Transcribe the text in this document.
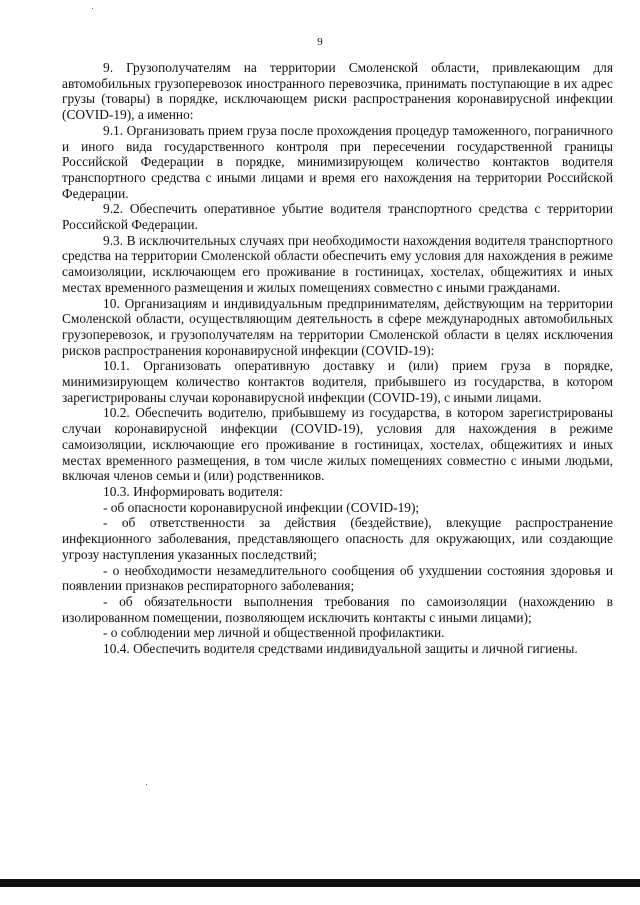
9

9. Грузополучателям на территории Смоленской области, привлекающим для автомобильных грузоперевозок иностранного перевозчика, принимать поступающие в их адрес грузы (товары) в порядке, исключающем риски распространения коронавирусной инфекции (COVID-19), а именно:

9.1. Организовать прием груза после прохождения процедур таможенного, пограничного и иного вида государственного контроля при пересечении государственной границы Российской Федерации в порядке, минимизирующем количество контактов водителя транспортного средства с иными лицами и время его нахождения на территории Российской Федерации.

9.2. Обеспечить оперативное убытие водителя транспортного средства с территории Российской Федерации.

9.3. В исключительных случаях при необходимости нахождения водителя транспортного средства на территории Смоленской области обеспечить ему условия для нахождения в режиме самоизоляции, исключающем его проживание в гостиницах, хостелах, общежитиях и иных местах временного размещения и жилых помещениях совместно с иными гражданами.

10. Организациям и индивидуальным предпринимателям, действующим на территории Смоленской области, осуществляющим деятельность в сфере международных автомобильных грузоперевозок, и грузополучателям на территории Смоленской области в целях исключения рисков распространения коронавирусной инфекции (COVID-19):

10.1. Организовать оперативную доставку и (или) прием груза в порядке, минимизирующем количество контактов водителя, прибывшего из государства, в котором зарегистрированы случаи коронавирусной инфекции (COVID-19), с иными лицами.

10.2. Обеспечить водителю, прибывшему из государства, в котором зарегистрированы случаи коронавирусной инфекции (COVID-19), условия для нахождения в режиме самоизоляции, исключающие его проживание в гостиницах, хостелах, общежитиях и иных местах временного размещения, в том числе жилых помещениях совместно с иными людьми, включая членов семьи и (или) родственников.

10.3. Информировать водителя:

- об опасности коронавирусной инфекции (COVID-19);

- об ответственности за действия (бездействие), влекущие распространение инфекционного заболевания, представляющего опасность для окружающих, или создающие угрозу наступления указанных последствий;

- о необходимости незамедлительного сообщения об ухудшении состояния здоровья и появлении признаков респираторного заболевания;

- об обязательности выполнения требования по самоизоляции (нахождению в изолированном помещении, позволяющем исключить контакты с иными лицами);

- о соблюдении мер личной и общественной профилактики.

10.4. Обеспечить водителя средствами индивидуальной защиты и личной гигиены.
